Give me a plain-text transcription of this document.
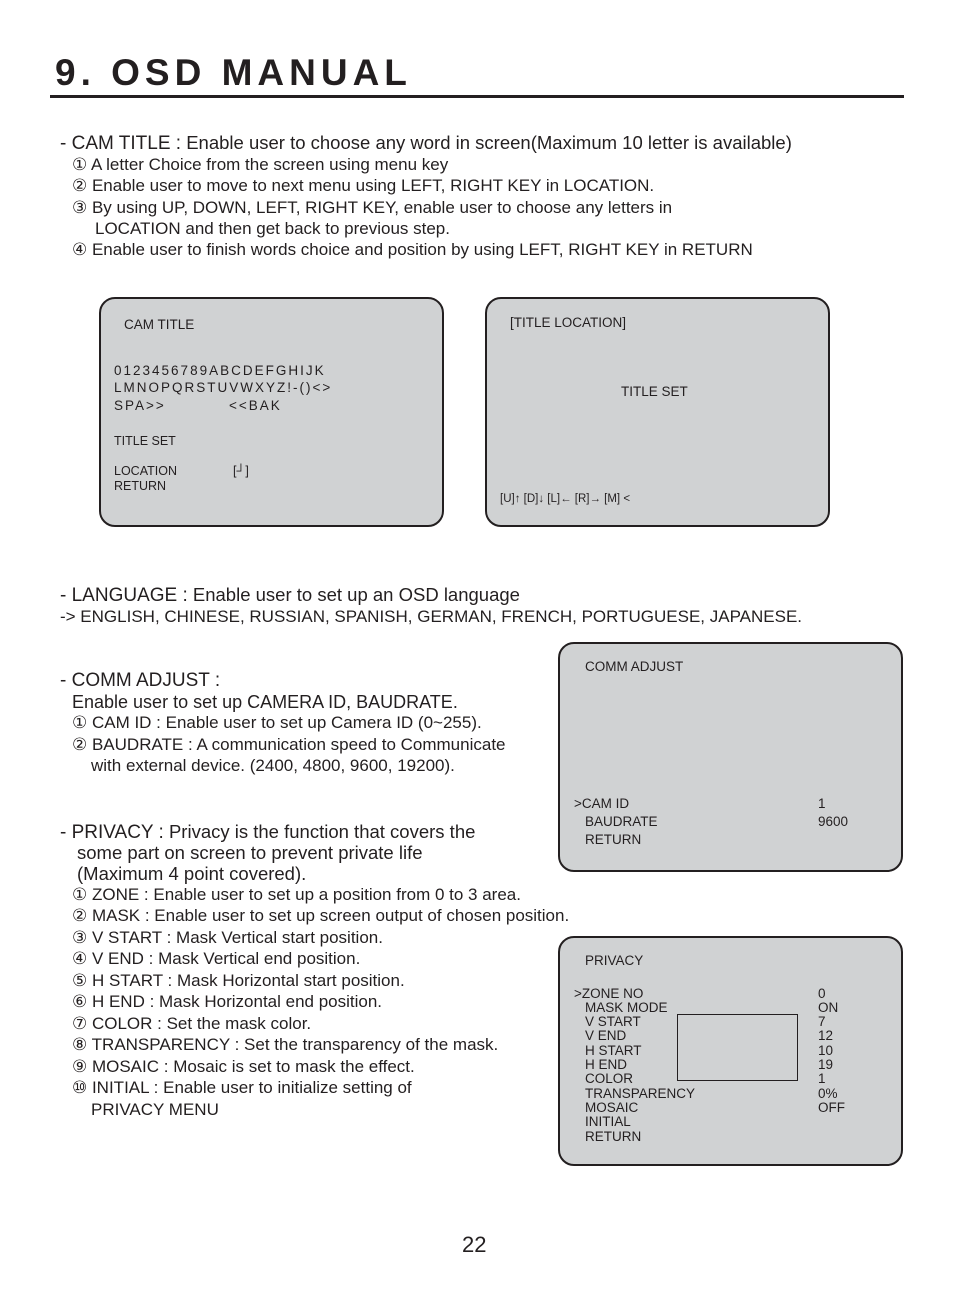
9. OSD MANUAL
- CAM TITLE : Enable user to choose any word in screen(Maximum 10 letter is available)
① A letter Choice from the screen using menu key
② Enable user to move to next menu using LEFT, RIGHT KEY in LOCATION.
③ By using UP, DOWN, LEFT, RIGHT KEY, enable user to choose any letters in
LOCATION and then get back to previous step.
④ Enable user to finish words choice and position by using LEFT, RIGHT KEY in RETURN
CAM TITLE
0123456789ABCDEFGHIJK
LMNOPQRSTUVWXYZ!-()<>
SPA>>	<<BAK
TITLE SET
LOCATION	[┘]
RETURN
[TITLE LOCATION]
TITLE SET
[U]↑ [D]↓ [L]← [R]→ [M] <
- LANGUAGE : Enable user to set up an OSD language
-> ENGLISH, CHINESE, RUSSIAN, SPANISH, GERMAN, FRENCH, PORTUGUESE, JAPANESE.
- COMM ADJUST :
Enable user to set up CAMERA ID, BAUDRATE.
① CAM ID : Enable user to set up Camera ID (0~255).
② BAUDRATE : A communication speed to Communicate
with external device. (2400, 4800, 9600, 19200).
COMM ADJUST
>CAM ID	1
BAUDRATE	9600
RETURN
- PRIVACY : Privacy is the function that covers the
some part on screen to prevent private life
(Maximum 4 point covered).
① ZONE : Enable user to set up a position from 0 to 3 area.
② MASK : Enable user to set up screen output of chosen position.
③ V START : Mask Vertical start position.
④ V END : Mask Vertical end position.
⑤ H START : Mask Horizontal start position.
⑥ H END : Mask Horizontal end position.
⑦ COLOR : Set the mask color.
⑧ TRANSPARENCY : Set the transparency of the mask.
⑨ MOSAIC : Mosaic is set to mask the effect.
⑩ INITIAL : Enable user to initialize setting of
PRIVACY MENU
PRIVACY
>ZONE NO	0
MASK MODE	ON
V START	7
V END	12
H START	10
H END	19
COLOR	1
TRANSPARENCY	0%
MOSAIC	OFF
INITIAL
RETURN
22
